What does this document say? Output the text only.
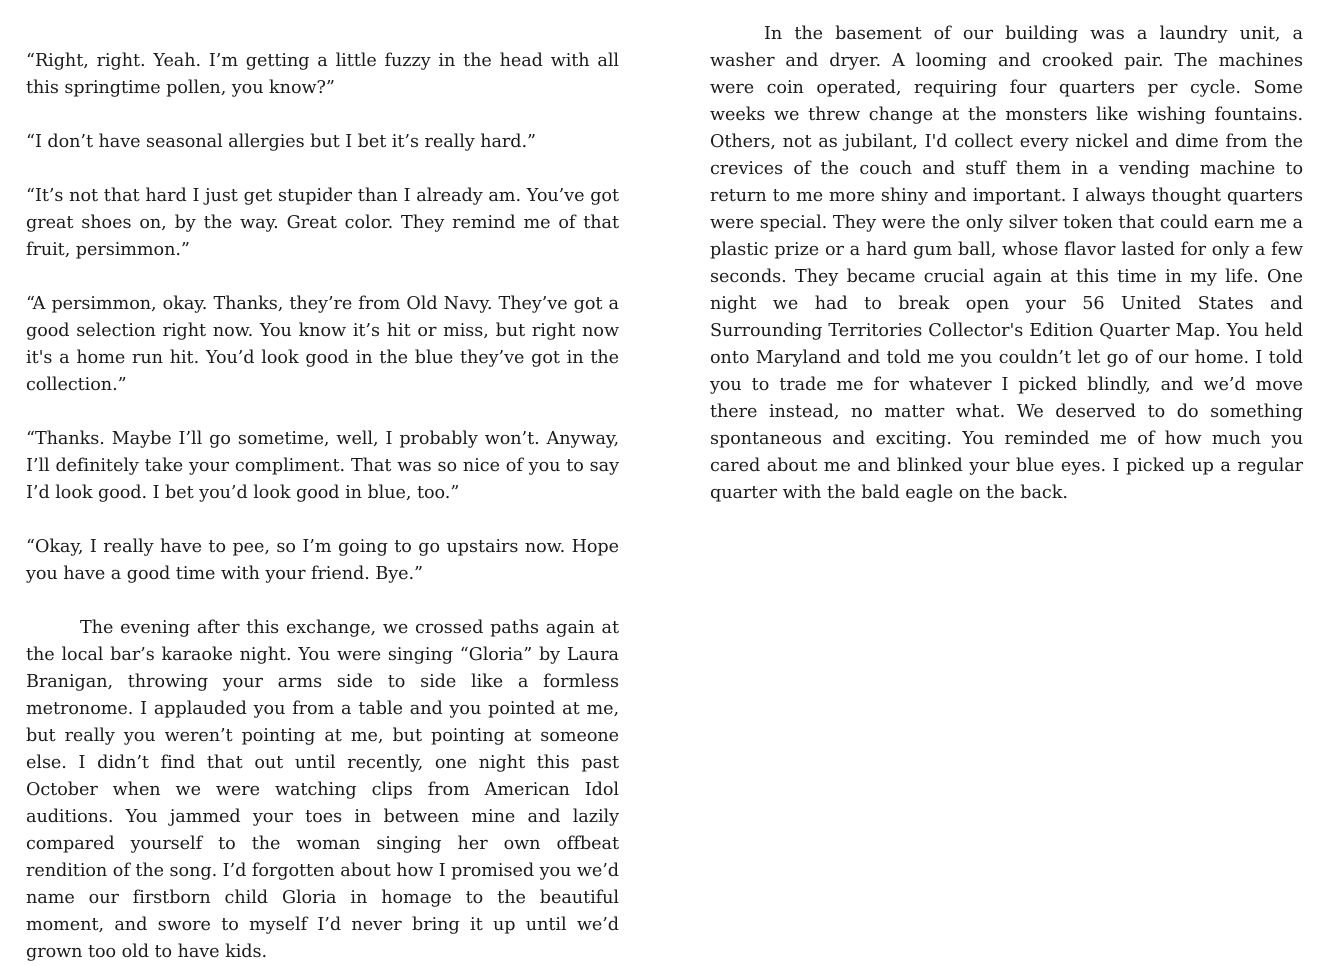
“Right, right. Yeah. I’m getting a little fuzzy in the head with all this springtime pollen, you know?”

“I don’t have seasonal allergies but I bet it’s really hard.”

“It’s not that hard I just get stupider than I already am. You’ve got great shoes on, by the way. Great color. They remind me of that fruit, persimmon.”

“A persimmon, okay. Thanks, they’re from Old Navy. They’ve got a good selection right now. You know it’s hit or miss, but right now it's a home run hit. You’d look good in the blue they’ve got in the collection.”

“Thanks. Maybe I’ll go sometime, well, I probably won’t. Anyway, I’ll definitely take your compliment. That was so nice of you to say I’d look good. I bet you’d look good in blue, too.”

“Okay, I really have to pee, so I’m going to go upstairs now. Hope you have a good time with your friend. Bye.”

The evening after this exchange, we crossed paths again at the local bar’s karaoke night. You were singing “Gloria” by Laura Branigan, throwing your arms side to side like a formless metronome. I applauded you from a table and you pointed at me, but really you weren’t pointing at me, but pointing at someone else. I didn’t find that out until recently, one night this past October when we were watching clips from American Idol auditions. You jammed your toes in between mine and lazily compared yourself to the woman singing her own offbeat rendition of the song. I’d forgotten about how I promised you we’d name our firstborn child Gloria in homage to the beautiful moment, and swore to myself I’d never bring it up until we’d grown too old to have kids.

In the basement of our building was a laundry unit, a washer and dryer. A looming and crooked pair. The machines were coin operated, requiring four quarters per cycle. Some weeks we threw change at the monsters like wishing fountains. Others, not as jubilant, I'd collect every nickel and dime from the crevices of the couch and stuff them in a vending machine to return to me more shiny and important. I always thought quarters were special. They were the only silver token that could earn me a plastic prize or a hard gum ball, whose flavor lasted for only a few seconds. They became crucial again at this time in my life. One night we had to break open your 56 United States and Surrounding Territories Collector's Edition Quarter Map. You held onto Maryland and told me you couldn’t let go of our home. I told you to trade me for whatever I picked blindly, and we’d move there instead, no matter what. We deserved to do something spontaneous and exciting. You reminded me of how much you cared about me and blinked your blue eyes. I picked up a regular quarter with the bald eagle on the back.
